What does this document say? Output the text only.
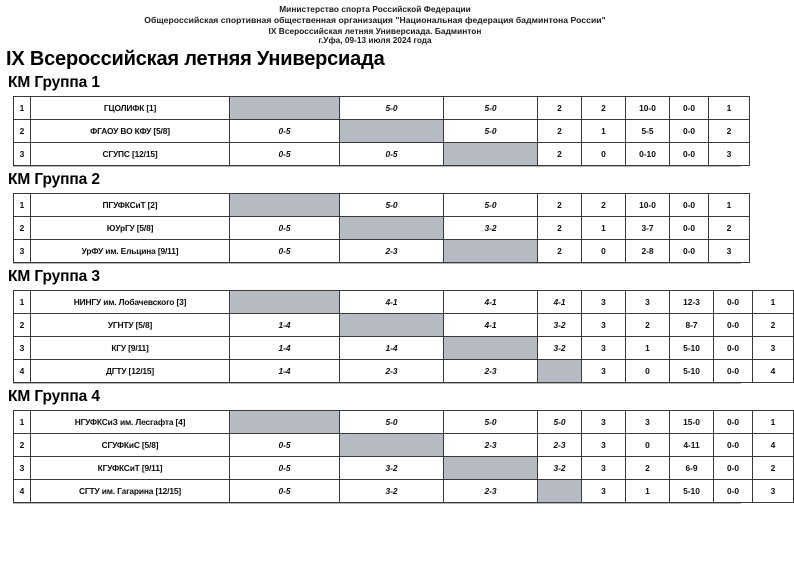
Министерство спорта Российской Федерации
Общероссийская спортивная общественная организация "Национальная федерация бадминтона России"
IX Всероссийская летняя Универсиада. Бадминтон
г.Уфа, 09-13 июля 2024 года
IX Всероссийская летняя Универсиада
КМ Группа 1
1	ГЦОЛИФК [1]		5-0	5-0	2	2	10-0	0-0	1
2	ФГАОУ ВО КФУ [5/8]	0-5		5-0	2	1	5-5	0-0	2
3	СГУПС [12/15]	0-5	0-5		2	0	0-10	0-0	3
КМ Группа 2
1	ПГУФКСиТ [2]		5-0	5-0	2	2	10-0	0-0	1
2	ЮУрГУ [5/8]	0-5		3-2	2	1	3-7	0-0	2
3	УрФУ им. Ельцина [9/11]	0-5	2-3		2	0	2-8	0-0	3
КМ Группа 3
1	НИНГУ им. Лобачевского [3]		4-1	4-1	4-1	3	3	12-3	0-0	1
2	УГНТУ [5/8]	1-4		4-1	3-2	3	2	8-7	0-0	2
3	КГУ [9/11]	1-4	1-4		3-2	3	1	5-10	0-0	3
4	ДГТУ [12/15]	1-4	2-3	2-3		3	0	5-10	0-0	4
КМ Группа 4
1	НГУФКСиЗ им. Лесгафта [4]		5-0	5-0	5-0	3	3	15-0	0-0	1
2	СГУФКиС [5/8]	0-5		2-3	2-3	3	0	4-11	0-0	4
3	КГУФКСиТ [9/11]	0-5	3-2		3-2	3	2	6-9	0-0	2
4	СГТУ им. Гагарина [12/15]	0-5	3-2	2-3		3	1	5-10	0-0	3
